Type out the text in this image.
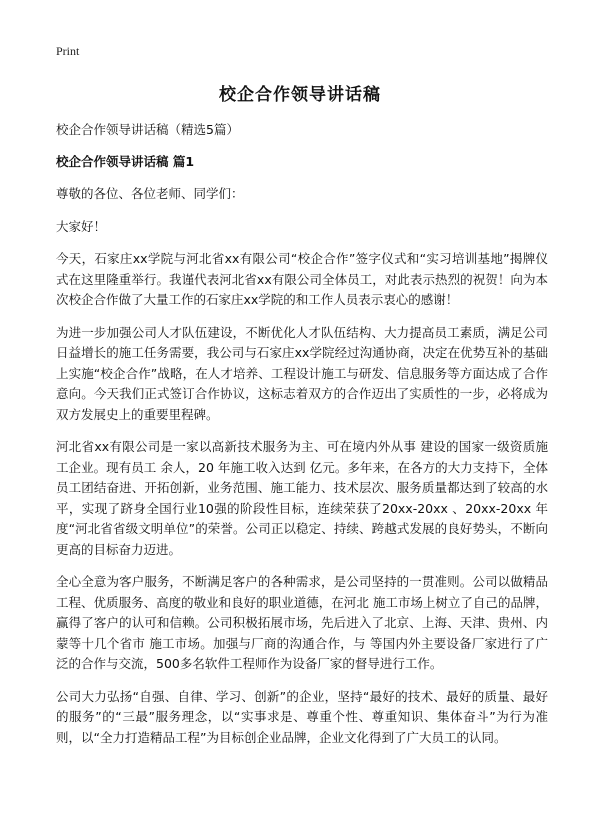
Print
校企合作领导讲话稿

校企合作领导讲话稿（精选5篇）

校企合作领导讲话稿 篇1

尊敬的各位、各位老师、同学们：

大家好！

今天，石家庄xx学院与河北省xx有限公司“校企合作”签字仪式和“实习培训基地”揭牌仪式在这里隆重举行。我谨代表河北省xx有限公司全体员工，对此表示热烈的祝贺！向为本次校企合作做了大量工作的石家庄xx学院的和工作人员表示衷心的感谢！

为进一步加强公司人才队伍建设，不断优化人才队伍结构、大力提高员工素质，满足公司日益增长的施工任务需要，我公司与石家庄xx学院经过沟通协商，决定在优势互补的基础上实施“校企合作”战略，在人才培养、工程设计施工与研发、信息服务等方面达成了合作意向。今天我们正式签订合作协议，这标志着双方的合作迈出了实质性的一步，必将成为双方发展史上的重要里程碑。

河北省xx有限公司是一家以高新技术服务为主、可在境内外从事 建设的国家一级资质施工企业。现有员工 余人，20 年施工收入达到 亿元。多年来，在各方的大力支持下，全体员工团结奋进、开拓创新，业务范围、施工能力、技术层次、服务质量都达到了较高的水平，实现了跻身全国行业10强的阶段性目标，连续荣获了20xx-20xx 、20xx-20xx 年度“河北省省级文明单位”的荣誉。公司正以稳定、持续、跨越式发展的良好势头，不断向更高的目标奋力迈进。

全心全意为客户服务，不断满足客户的各种需求，是公司坚持的一贯准则。公司以做精品工程、优质服务、高度的敬业和良好的职业道德，在河北 施工市场上树立了自己的品牌，赢得了客户的认可和信赖。公司积极拓展市场，先后进入了北京、上海、天津、贵州、内蒙等十几个省市 施工市场。加强与厂商的沟通合作，与 等国内外主要设备厂家进行了广泛的合作与交流，500多名软件工程师作为设备厂家的督导进行工作。

公司大力弘扬“自强、自律、学习、创新”的企业，坚持“最好的技术、最好的质量、最好的服务”的“三最”服务理念，以“实事求是、尊重个性、尊重知识、集体奋斗”为行为准则，以“全力打造精品工程”为目标创企业品牌，企业文化得到了广大员工的认同。
